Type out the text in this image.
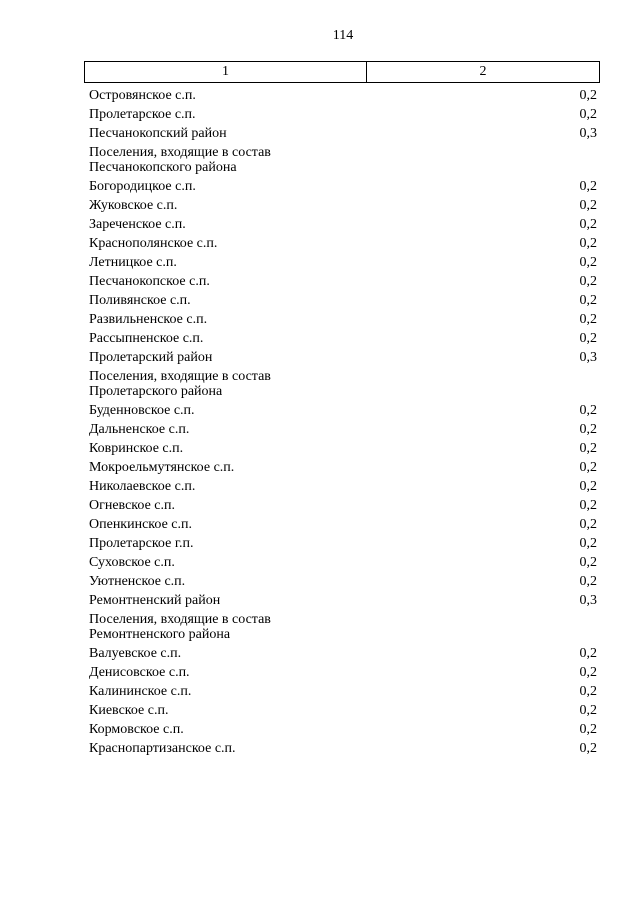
114
1	2
Островянское с.п.	0,2
Пролетарское с.п.	0,2
Песчанокопский район	0,3
Поселения, входящие в состав Песчанокопского района
Богородицкое с.п.	0,2
Жуковское с.п.	0,2
Зареченское с.п.	0,2
Краснополянское с.п.	0,2
Летницкое с.п.	0,2
Песчанокопское с.п.	0,2
Поливянское с.п.	0,2
Развильненское с.п.	0,2
Рассыпненское с.п.	0,2
Пролетарский район	0,3
Поселения, входящие в состав Пролетарского района
Буденновское с.п.	0,2
Дальненское с.п.	0,2
Ковринское с.п.	0,2
Мокроельмутянское с.п.	0,2
Николаевское с.п.	0,2
Огневское с.п.	0,2
Опенкинское с.п.	0,2
Пролетарское г.п.	0,2
Суховское с.п.	0,2
Уютненское с.п.	0,2
Ремонтненский район	0,3
Поселения, входящие в состав Ремонтненского района
Валуевское с.п.	0,2
Денисовское с.п.	0,2
Калининское с.п.	0,2
Киевское с.п.	0,2
Кормовское с.п.	0,2
Краснопартизанское с.п.	0,2
